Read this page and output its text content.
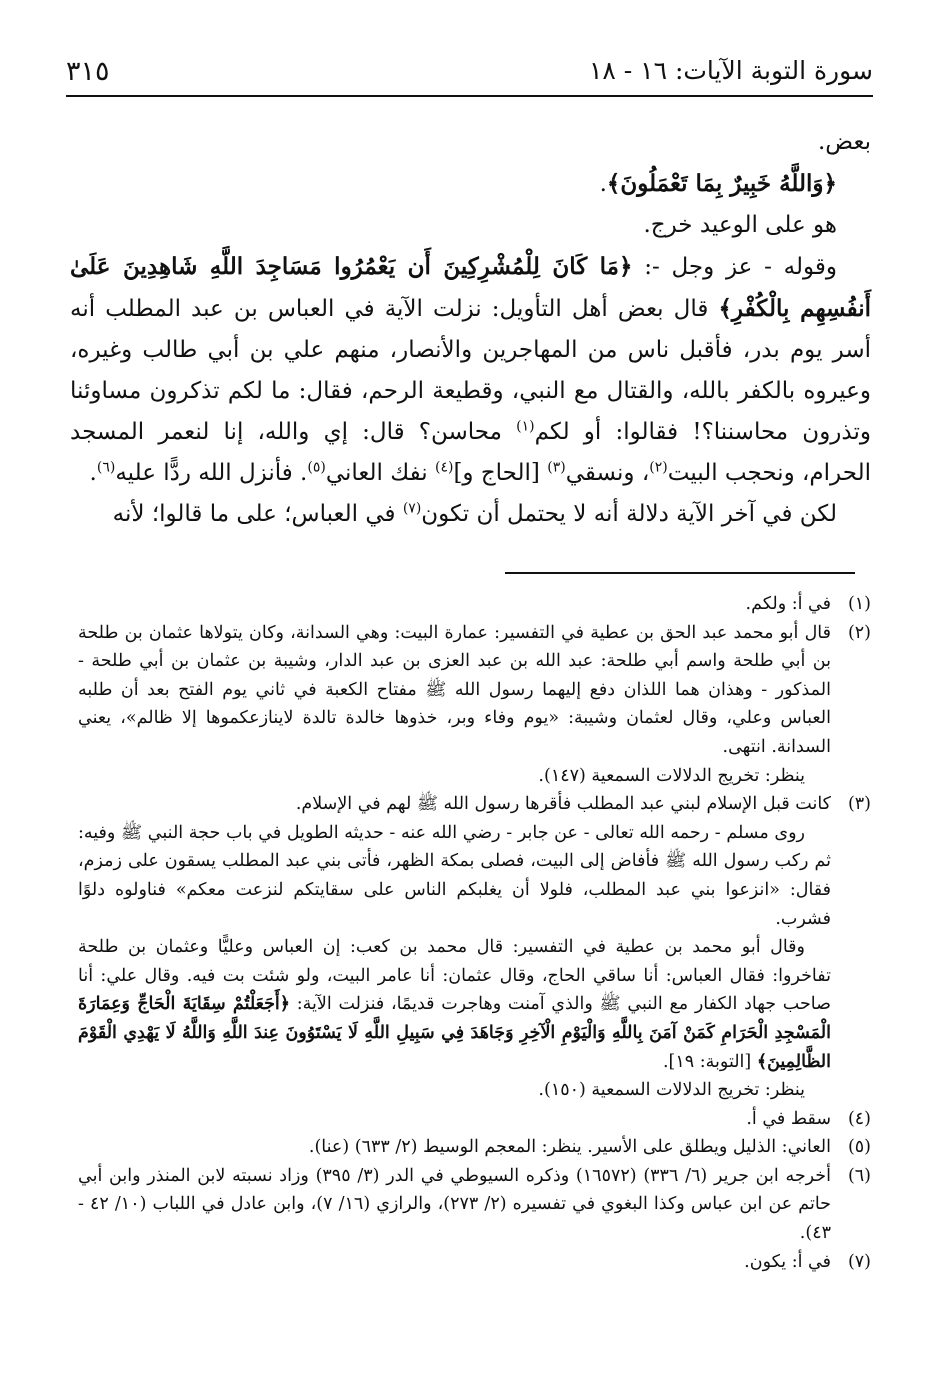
سورة التوبة الآيات: ١٦ - ١٨
٣١٥

بعض.

﴿وَاللَّهُ خَبِيرٌ بِمَا تَعْمَلُونَ﴾.

هو على الوعيد خرج.

وقوله - عز وجل -: ﴿مَا كَانَ لِلْمُشْرِكِينَ أَن يَعْمُرُوا مَسَاجِدَ اللَّهِ شَاهِدِينَ عَلَىٰ أَنفُسِهِم بِالْكُفْرِ﴾ قال بعض أهل التأويل: نزلت الآية في العباس بن عبد المطلب أنه أسر يوم بدر، فأقبل ناس من المهاجرين والأنصار، منهم علي بن أبي طالب وغيره، وعيروه بالكفر بالله، والقتال مع النبي، وقطيعة الرحم، فقال: ما لكم تذكرون مساوئنا وتذرون محاسننا؟! فقالوا: أو لكم$^{(١)}$ محاسن؟ قال: إي والله، إنا لنعمر المسجد الحرام، ونحجب البيت$^{(٢)}$، ونسقي$^{(٣)}$ [الحاج و]$^{(٤)}$ نفك العاني$^{(٥)}$. فأنزل الله ردًّا عليه$^{(٦)}$.

لكن في آخر الآية دلالة أنه لا يحتمل أن تكون$^{(٧)}$ في العباس؛ على ما قالوا؛ لأنه

(١)

في أ: ولكم.

(٢)

قال أبو محمد عبد الحق بن عطية في التفسير: عمارة البيت: وهي السدانة، وكان يتولاها عثمان بن طلحة بن أبي طلحة واسم أبي طلحة: عبد الله بن عبد العزى بن عبد الدار، وشيبة بن عثمان بن أبي طلحة - المذكور - وهذان هما اللذان دفع إليهما رسول الله ﷺ مفتاح الكعبة في ثاني يوم الفتح بعد أن طلبه العباس وعلي، وقال لعثمان وشيبة: «يوم وفاء وبر، خذوها خالدة تالدة لاينازعكموها إلا ظالم»، يعني السدانة. انتهى.

ينظر: تخريج الدلالات السمعية (١٤٧).

(٣)

كانت قبل الإسلام لبني عبد المطلب فأقرها رسول الله ﷺ لهم في الإسلام.

روى مسلم - رحمه الله تعالى - عن جابر - رضي الله عنه - حديثه الطويل في باب حجة النبي ﷺ وفيه: ثم ركب رسول الله ﷺ فأفاض إلى البيت، فصلى بمكة الظهر، فأتى بني عبد المطلب يسقون على زمزم، فقال: «انزعوا بني عبد المطلب، فلولا أن يغلبكم الناس على سقايتكم لنزعت معكم» فناولوه دلوًا فشرب.

وقال أبو محمد بن عطية في التفسير: قال محمد بن كعب: إن العباس وعليًّا وعثمان بن طلحة تفاخروا: فقال العباس: أنا ساقي الحاج، وقال عثمان: أنا عامر البيت، ولو شئت بت فيه. وقال علي: أنا صاحب جهاد الكفار مع النبي ﷺ والذي آمنت وهاجرت قديمًا، فنزلت الآية: ﴿أَجَعَلْتُمْ سِقَايَةَ الْحَاجِّ وَعِمَارَةَ الْمَسْجِدِ الْحَرَامِ كَمَنْ آمَنَ بِاللَّهِ وَالْيَوْمِ الْآخِرِ وَجَاهَدَ فِي سَبِيلِ اللَّهِ لَا يَسْتَوُونَ عِندَ اللَّهِ وَاللَّهُ لَا يَهْدِي الْقَوْمَ الظَّالِمِينَ﴾ [التوبة: ١٩].

ينظر: تخريج الدلالات السمعية (١٥٠).

(٤)

سقط في أ.

(٥)

العاني: الذليل ويطلق على الأسير. ينظر: المعجم الوسيط (٢/ ٦٣٣) (عنا).

(٦)

أخرجه ابن جرير (٦/ ٣٣٦) (١٦٥٧٢) وذكره السيوطي في الدر (٣/ ٣٩٥) وزاد نسبته لابن المنذر وابن أبي حاتم عن ابن عباس وكذا البغوي في تفسيره (٢/ ٢٧٣)، والرازي (١٦/ ٧)، وابن عادل في اللباب (١٠/ ٤٢ - ٤٣).

(٧)

في أ: يكون.
